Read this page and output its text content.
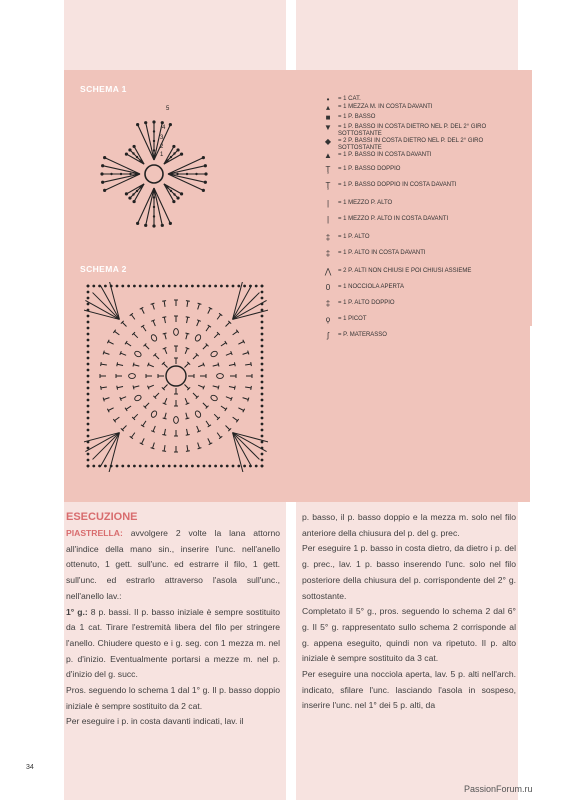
SCHEMA 1
SCHEMA 2
1
2
3
4
5
•	= 1 CAT.
▴	= 1 MEZZA M. IN COSTA DAVANTI
■	= 1 P. BASSO
▼	= 1 P. BASSO IN COSTA DIETRO NEL P. DEL 2° GIRO SOTTOSTANTE
◆	= 2 P. BASSI IN COSTA DIETRO NEL P. DEL 2° GIRO SOTTOSTANTE
▲	= 1 P. BASSO IN COSTA DAVANTI
Ţ	= 1 P. BASSO DOPPIO
Ţ	= 1 P. BASSO DOPPIO IN COSTA DAVANTI
|	= 1 MEZZO P. ALTO
|	= 1 MEZZO P. ALTO IN COSTA DAVANTI
‡	= 1 P. ALTO
‡	= 1 P. ALTO IN COSTA DAVANTI
⋀	= 2 P. ALTI NON CHIUSI E POI CHIUSI ASSIEME
0	= 1 NOCCIOLA APERTA
‡	= 1 P. ALTO DOPPIO
ϙ	= 1 PICOT
ʃ	= P. MATERASSO
ESECUZIONE

PIASTRELLA: avvolgere 2 volte la lana attorno all'indice della mano sin., inserire l'unc. nell'anello ottenuto, 1 gett. sull'unc. ed estrarre il filo, 1 gett. sull'unc. ed estrarlo attraverso l'asola sull'unc., nell'anello lav.:

1° g.: 8 p. bassi. Il p. basso iniziale è sempre sostituito da 1 cat. Tirare l'estremità libera del filo per stringere l'anello. Chiudere questo e i g. seg. con 1 mezza m. nel p. d'inizio. Eventualmente portarsi a mezze m. nel p. d'inizio del g. succ.

Pros. seguendo lo schema 1 dal 1° g. Il p. basso doppio iniziale è sempre sostituito da 2 cat.

Per eseguire i p. in costa davanti indicati, lav. il

p. basso, il p. basso doppio e la mezza m. solo nel filo anteriore della chiusura del p. del g. prec.

Per eseguire 1 p. basso in costa dietro, da dietro i p. del g. prec., lav. 1 p. basso inserendo l'unc. solo nel filo posteriore della chiusura del p. corrispondente del 2° g. sottostante.

Completato il 5° g., pros. seguendo lo schema 2 dal 6° g. Il 5° g. rappresentato sullo schema 2 corrisponde al g. appena eseguito, quindi non va ripetuto. Il p. alto iniziale è sempre sostituito da 3 cat.

Per eseguire una nocciola aperta, lav. 5 p. alti nell'arch. indicato, sfilare l'unc. lasciando l'asola in sospeso, inserire l'unc. nel 1° dei 5 p. alti, da

34
PassionForum.ru
